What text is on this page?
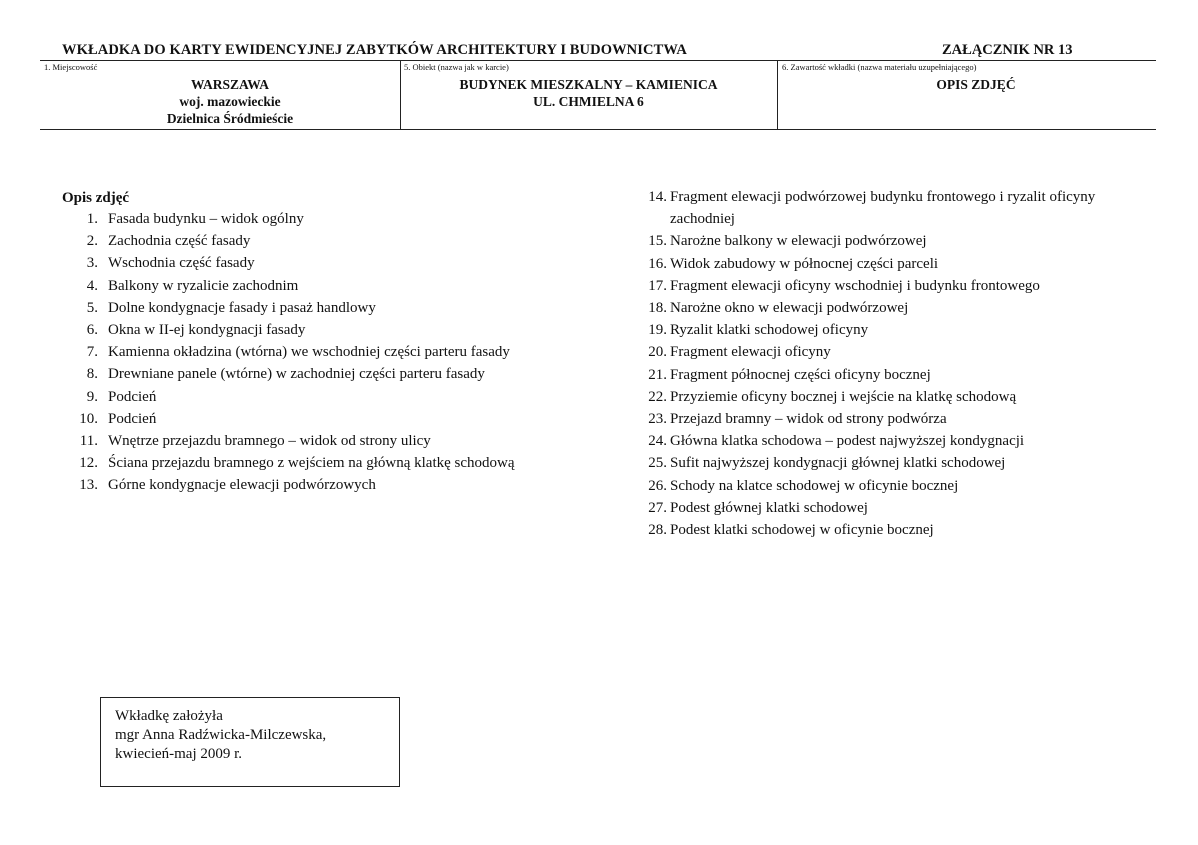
WKŁADKA DO KARTY EWIDENCYJNEJ ZABYTKÓW ARCHITEKTURY I BUDOWNICTWA	ZAŁĄCZNIK NR 13
1. Miejscowość
WARSZAWA
woj. mazowieckie
Dzielnica Śródmieście
5. Obiekt (nazwa jak w karcie)
BUDYNEK MIESZKALNY – KAMIENICA
UL. CHMIELNA 6
6. Zawartość wkładki (nazwa materiału uzupełniającego)
OPIS ZDJĘĆ
Opis zdjęć
1. Fasada budynku – widok ogólny
2. Zachodnia część fasady
3. Wschodnia część fasady
4. Balkony w ryzalicie zachodnim
5. Dolne kondygnacje fasady i pasaż handlowy
6. Okna w II-ej kondygnacji fasady
7. Kamienna okładzina (wtórna) we wschodniej części parteru fasady
8. Drewniane panele (wtórne) w zachodniej części parteru fasady
9. Podcień
10. Podcień
11. Wnętrze przejazdu bramnego – widok od strony ulicy
12. Ściana przejazdu bramnego z wejściem na główną klatkę schodową
13. Górne kondygnacje elewacji podwórzowych
14. Fragment elewacji podwórzowej budynku frontowego i ryzalit oficyny zachodniej
15. Narożne balkony w elewacji podwórzowej
16. Widok zabudowy w północnej części parceli
17. Fragment elewacji oficyny wschodniej i budynku frontowego
18. Narożne okno w elewacji podwórzowej
19. Ryzalit klatki schodowej oficyny
20. Fragment elewacji oficyny
21. Fragment północnej części oficyny bocznej
22. Przyziemie oficyny bocznej i wejście na klatkę schodową
23. Przejazd bramny – widok od strony podwórza
24. Główna klatka schodowa – podest najwyższej kondygnacji
25. Sufit najwyższej kondygnacji głównej klatki schodowej
26. Schody na klatce schodowej w oficynie bocznej
27. Podest głównej klatki schodowej
28. Podest klatki schodowej w oficynie bocznej
Wkładkę założyła
mgr Anna Radźwicka-Milczewska,
kwiecień-maj 2009 r.
